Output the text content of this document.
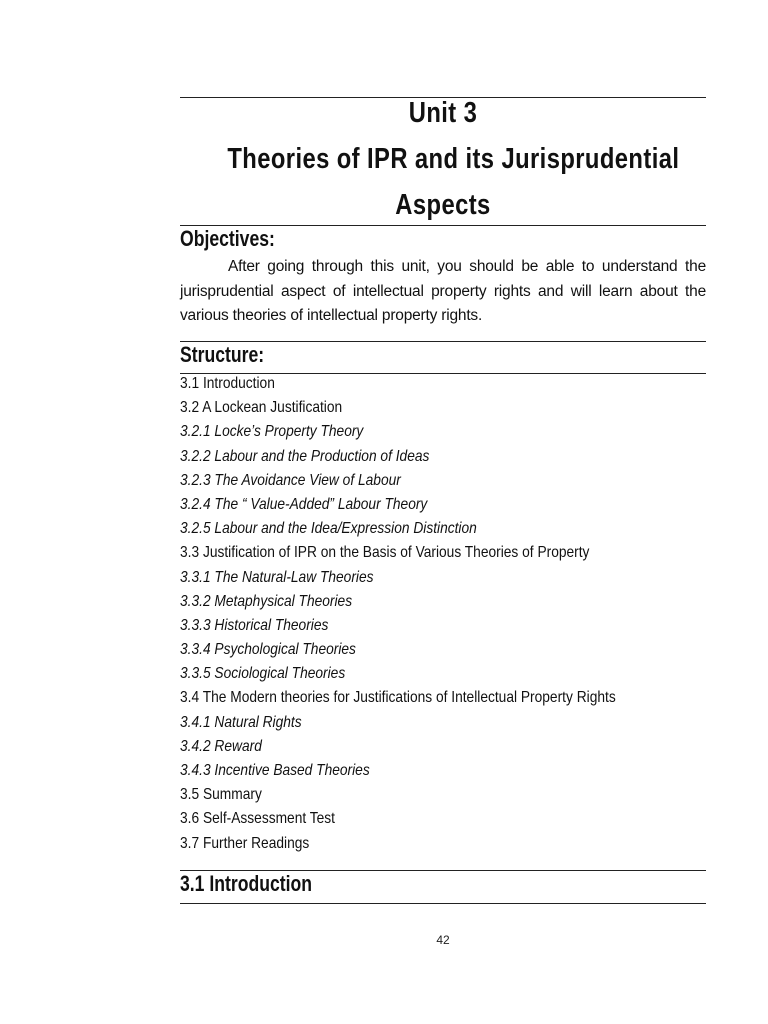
Unit 3
Theories of IPR and its Jurisprudential
Aspects
Objectives:
After going through this unit, you should be able to understand the jurisprudential aspect of intellectual property rights and will learn about the various theories of intellectual property rights.
Structure:
3.1 Introduction
3.2 A Lockean Justification
3.2.1 Locke’s Property Theory
3.2.2 Labour and the Production of Ideas
3.2.3 The Avoidance View of Labour
3.2.4 The “ Value-Added” Labour Theory
3.2.5 Labour and the Idea/Expression Distinction
3.3 Justification of IPR on the Basis of Various Theories of Property
3.3.1 The Natural-Law Theories
3.3.2 Metaphysical Theories
3.3.3 Historical Theories
3.3.4 Psychological Theories
3.3.5 Sociological Theories
3.4 The Modern theories for Justifications of Intellectual Property Rights
3.4.1 Natural Rights
3.4.2 Reward
3.4.3 Incentive Based Theories
3.5 Summary
3.6 Self-Assessment Test
3.7 Further Readings
3.1 Introduction
42
